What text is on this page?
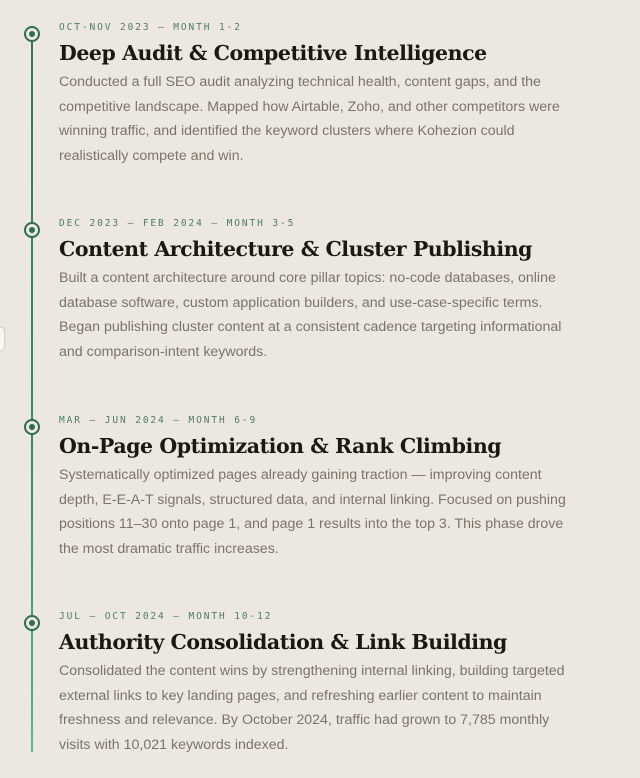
OCT-NOV 2023 — MONTH 1-2
Deep Audit & Competitive Intelligence

Conducted a full SEO audit analyzing technical health, content gaps, and the competitive landscape. Mapped how Airtable, Zoho, and other competitors were winning traffic, and identified the keyword clusters where Kohezion could realistically compete and win.

DEC 2023 – FEB 2024 — MONTH 3-5
Content Architecture & Cluster Publishing

Built a content architecture around core pillar topics: no-code databases, online database software, custom application builders, and use-case-specific terms. Began publishing cluster content at a consistent cadence targeting informational and comparison-intent keywords.

MAR – JUN 2024 — MONTH 6-9
On-Page Optimization & Rank Climbing

Systematically optimized pages already gaining traction — improving content depth, E-E-A-T signals, structured data, and internal linking. Focused on pushing positions 11–30 onto page 1, and page 1 results into the top 3. This phase drove the most dramatic traffic increases.

JUL – OCT 2024 — MONTH 10-12
Authority Consolidation & Link Building

Consolidated the content wins by strengthening internal linking, building targeted external links to key landing pages, and refreshing earlier content to maintain freshness and relevance. By October 2024, traffic had grown to 7,785 monthly visits with 10,021 keywords indexed.
